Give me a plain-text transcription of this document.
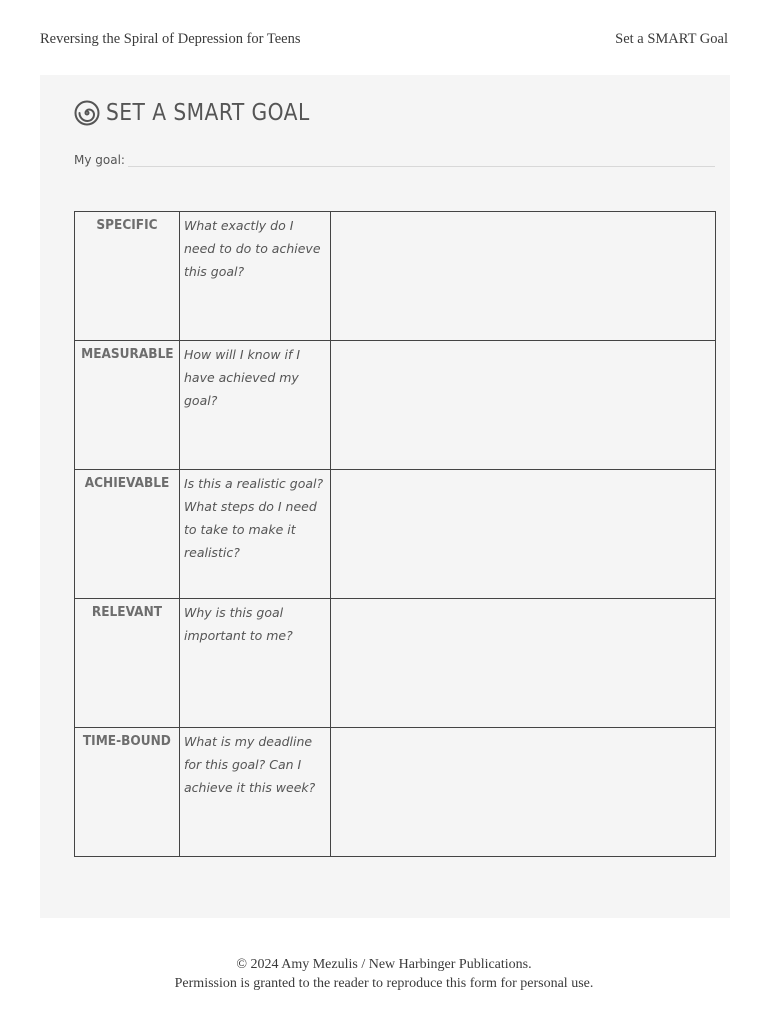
Reversing the Spiral of Depression for Teens	Set a SMART Goal
SET A SMART GOAL
My goal:
SPECIFIC	What exactly do I need to do to achieve this goal?	
MEASURABLE	How will I know if I have achieved my goal?	
ACHIEVABLE	Is this a realistic goal? What steps do I need to take to make it realistic?	
RELEVANT	Why is this goal important to me?	
TIME-BOUND	What is my deadline for this goal? Can I achieve it this week?	
© 2024 Amy Mezulis / New Harbinger Publications.
Permission is granted to the reader to reproduce this form for personal use.
